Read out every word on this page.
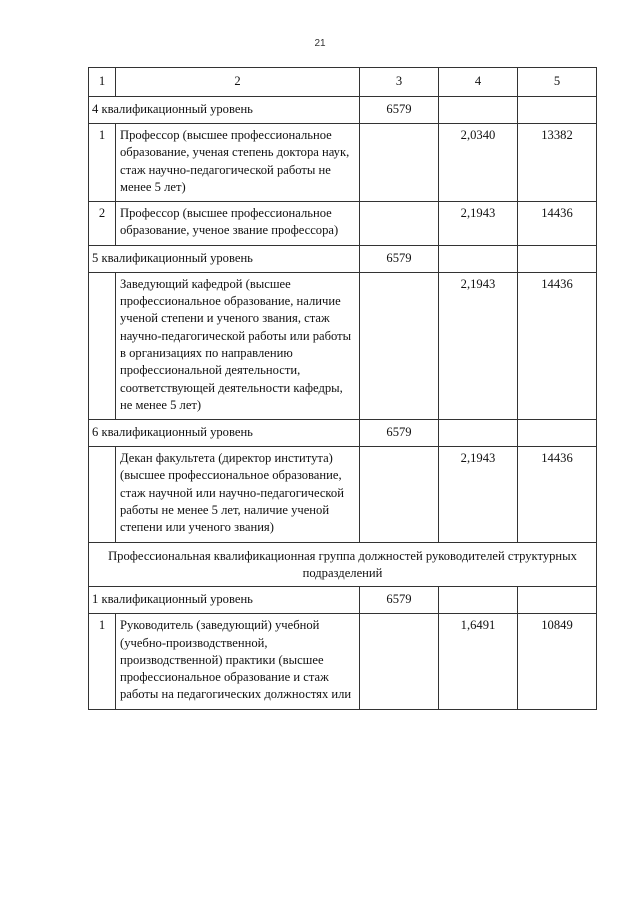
21
1	2	3	4	5
4 квалификационный уровень		6579		
1	Профессор (высшее профессиональное образование, ученая степень доктора наук, стаж научно-педагогической работы не менее 5 лет)		2,0340	13382
2	Профессор (высшее профессиональное образование, ученое звание профессора)		2,1943	14436
5 квалификационный уровень		6579		
	Заведующий кафедрой (высшее профессиональное образование, наличие ученой степени и ученого звания, стаж научно-педагогической работы или работы в организациях по направлению профессиональной деятельности, соответствующей деятельности кафедры, не менее 5 лет)		2,1943	14436
6 квалификационный уровень		6579		
	Декан факультета (директор института) (высшее профессиональное образование, стаж научной или научно-педагогической работы не менее 5 лет, наличие ученой степени или ученого звания)		2,1943	14436
Профессиональная квалификационная группа должностей руководителей структурных подразделений				
1 квалификационный уровень		6579		
1	Руководитель (заведующий) учебной (учебно-производственной, производственной) практики (высшее профессиональное образование и стаж работы на педагогических должностях или		1,6491	10849
